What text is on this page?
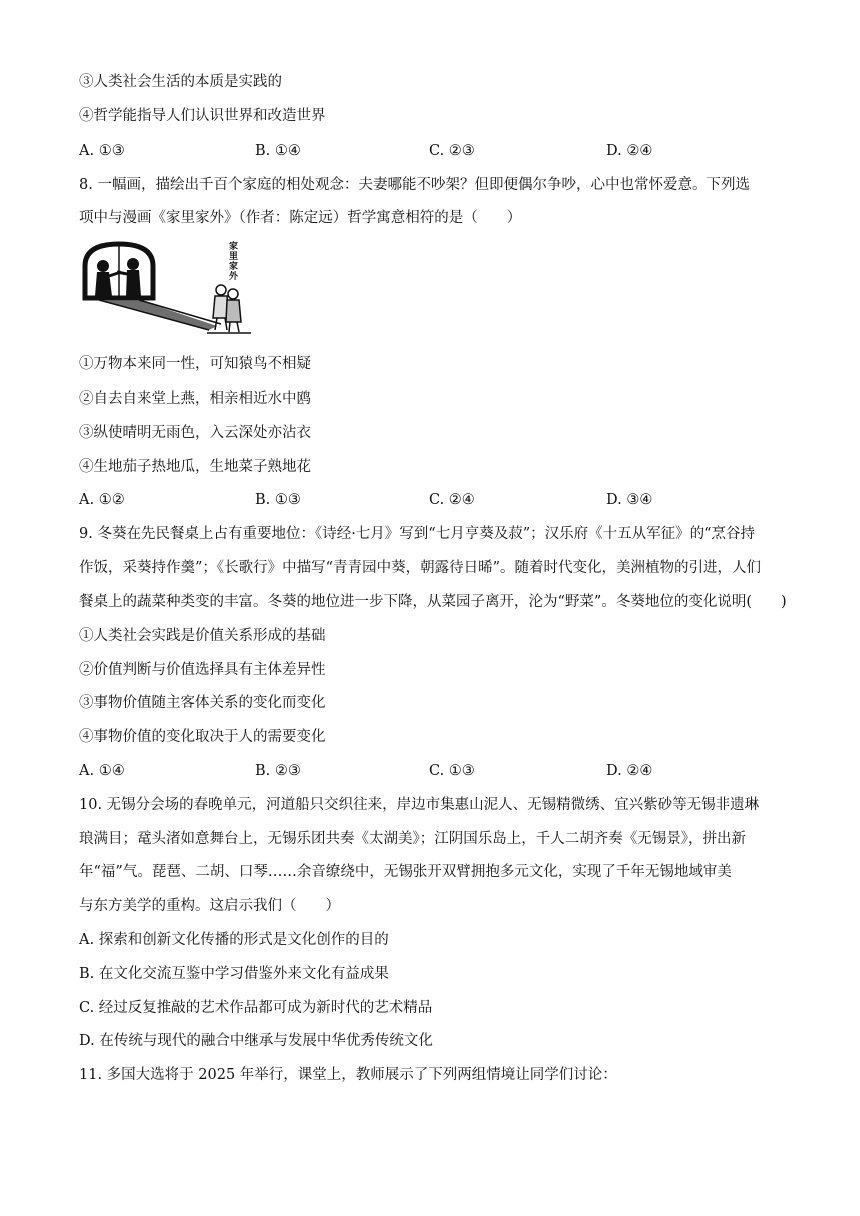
③人类社会生活的本质是实践的
④哲学能指导人们认识世界和改造世界
A. ①③	B. ①④	C. ②③	D. ②④
8. 一幅画，描绘出千百个家庭的相处观念：夫妻哪能不吵架？但即便偶尔争吵，心中也常怀爱意。下列选
项中与漫画《家里家外》（作者：陈定远）哲学寓意相符的是（　　）
家里家外
①万物本来同一性，可知猿鸟不相疑
②自去自来堂上燕，相亲相近水中鸥
③纵使晴明无雨色，入云深处亦沾衣
④生地茄子热地瓜，生地菜子熟地花
A. ①②	B. ①③	C. ②④	D. ③④
9. 冬葵在先民餐桌上占有重要地位：《诗经·七月》写到“七月亨葵及菽”；汉乐府《十五从军征》的“烹谷持
作饭，采葵持作羹”；《长歌行》中描写“青青园中葵，朝露待日晞”。随着时代变化，美洲植物的引进，人们
餐桌上的蔬菜种类变的丰富。冬葵的地位进一步下降，从菜园子离开，沦为“野菜”。冬葵地位的变化说明(　　)
①人类社会实践是价值关系形成的基础
②价值判断与价值选择具有主体差异性
③事物价值随主客体关系的变化而变化
④事物价值的变化取决于人的需要变化
A. ①④	B. ②③	C. ①③	D. ②④
10. 无锡分会场的春晚单元，河道船只交织往来，岸边市集惠山泥人、无锡精微绣、宜兴紫砂等无锡非遗琳
琅满目；鼋头渚如意舞台上，无锡乐团共奏《太湖美》；江阴国乐岛上，千人二胡齐奏《无锡景》，拼出新
年“福”气。琵琶、二胡、口琴……余音缭绕中，无锡张开双臂拥抱多元文化，实现了千年无锡地域审美
与东方美学的重构。这启示我们（　　）
A. 探索和创新文化传播的形式是文化创作的目的
B. 在文化交流互鉴中学习借鉴外来文化有益成果
C. 经过反复推敲的艺术作品都可成为新时代的艺术精品
D. 在传统与现代的融合中继承与发展中华优秀传统文化
11. 多国大选将于 2025 年举行，课堂上，教师展示了下列两组情境让同学们讨论：
